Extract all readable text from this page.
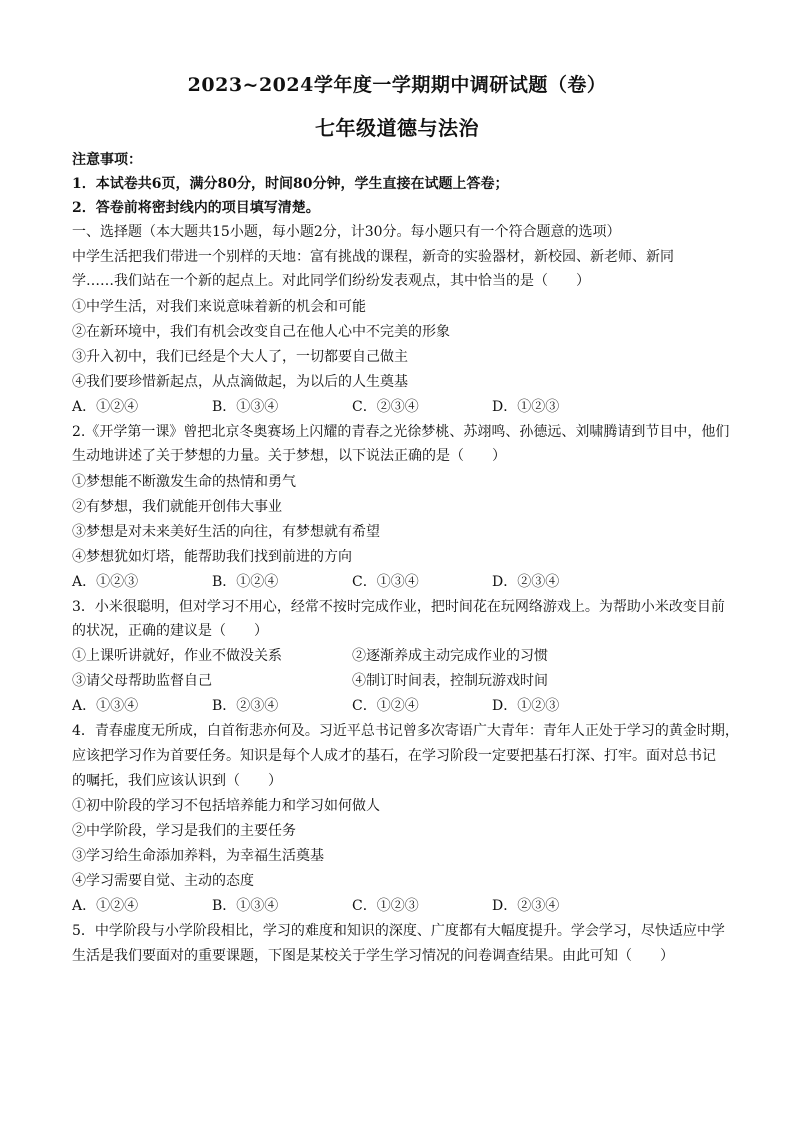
2023~2024学年度一学期期中调研试题（卷）
七年级道德与法治
注意事项：
1．本试卷共6页，满分80分，时间80分钟，学生直接在试题上答卷；
2．答卷前将密封线内的项目填写清楚。
一、选择题（本大题共15小题，每小题2分，计30分。每小题只有一个符合题意的选项）
中学生活把我们带进一个别样的天地：富有挑战的课程，新奇的实验器材，新校园、新老师、新同
学……我们站在一个新的起点上。对此同学们纷纷发表观点，其中恰当的是（　　）
①中学生活，对我们来说意味着新的机会和可能
②在新环境中，我们有机会改变自己在他人心中不完美的形象
③升入初中，我们已经是个大人了，一切都要自己做主
④我们要珍惜新起点，从点滴做起，为以后的人生奠基
A．①②④	B．①③④	C．②③④	D．①②③
2.《开学第一课》曾把北京冬奥赛场上闪耀的青春之光徐梦桃、苏翊鸣、孙德远、刘啸腾请到节目中，他们
生动地讲述了关于梦想的力量。关于梦想，以下说法正确的是（　　）
①梦想能不断激发生命的热情和勇气
②有梦想，我们就能开创伟大事业
③梦想是对未来美好生活的向往，有梦想就有希望
④梦想犹如灯塔，能帮助我们找到前进的方向
A．①②③	B．①②④	C．①③④	D．②③④
3．小米很聪明，但对学习不用心，经常不按时完成作业，把时间花在玩网络游戏上。为帮助小米改变目前
的状况，正确的建议是（　　）
①上课听讲就好，作业不做没关系	②逐渐养成主动完成作业的习惯
③请父母帮助监督自己	④制订时间表，控制玩游戏时间
A．①③④	B．②③④	C．①②④	D．①②③
4．青春虚度无所成，白首衔悲亦何及。习近平总书记曾多次寄语广大青年：青年人正处于学习的黄金时期，
应该把学习作为首要任务。知识是每个人成才的基石，在学习阶段一定要把基石打深、打牢。面对总书记
的嘱托，我们应该认识到（　　）
①初中阶段的学习不包括培养能力和学习如何做人
②中学阶段，学习是我们的主要任务
③学习给生命添加养料，为幸福生活奠基
④学习需要自觉、主动的态度
A．①②④	B．①③④	C．①②③	D．②③④
5．中学阶段与小学阶段相比，学习的难度和知识的深度、广度都有大幅度提升。学会学习，尽快适应中学
生活是我们要面对的重要课题，下图是某校关于学生学习情况的问卷调查结果。由此可知（　　）
